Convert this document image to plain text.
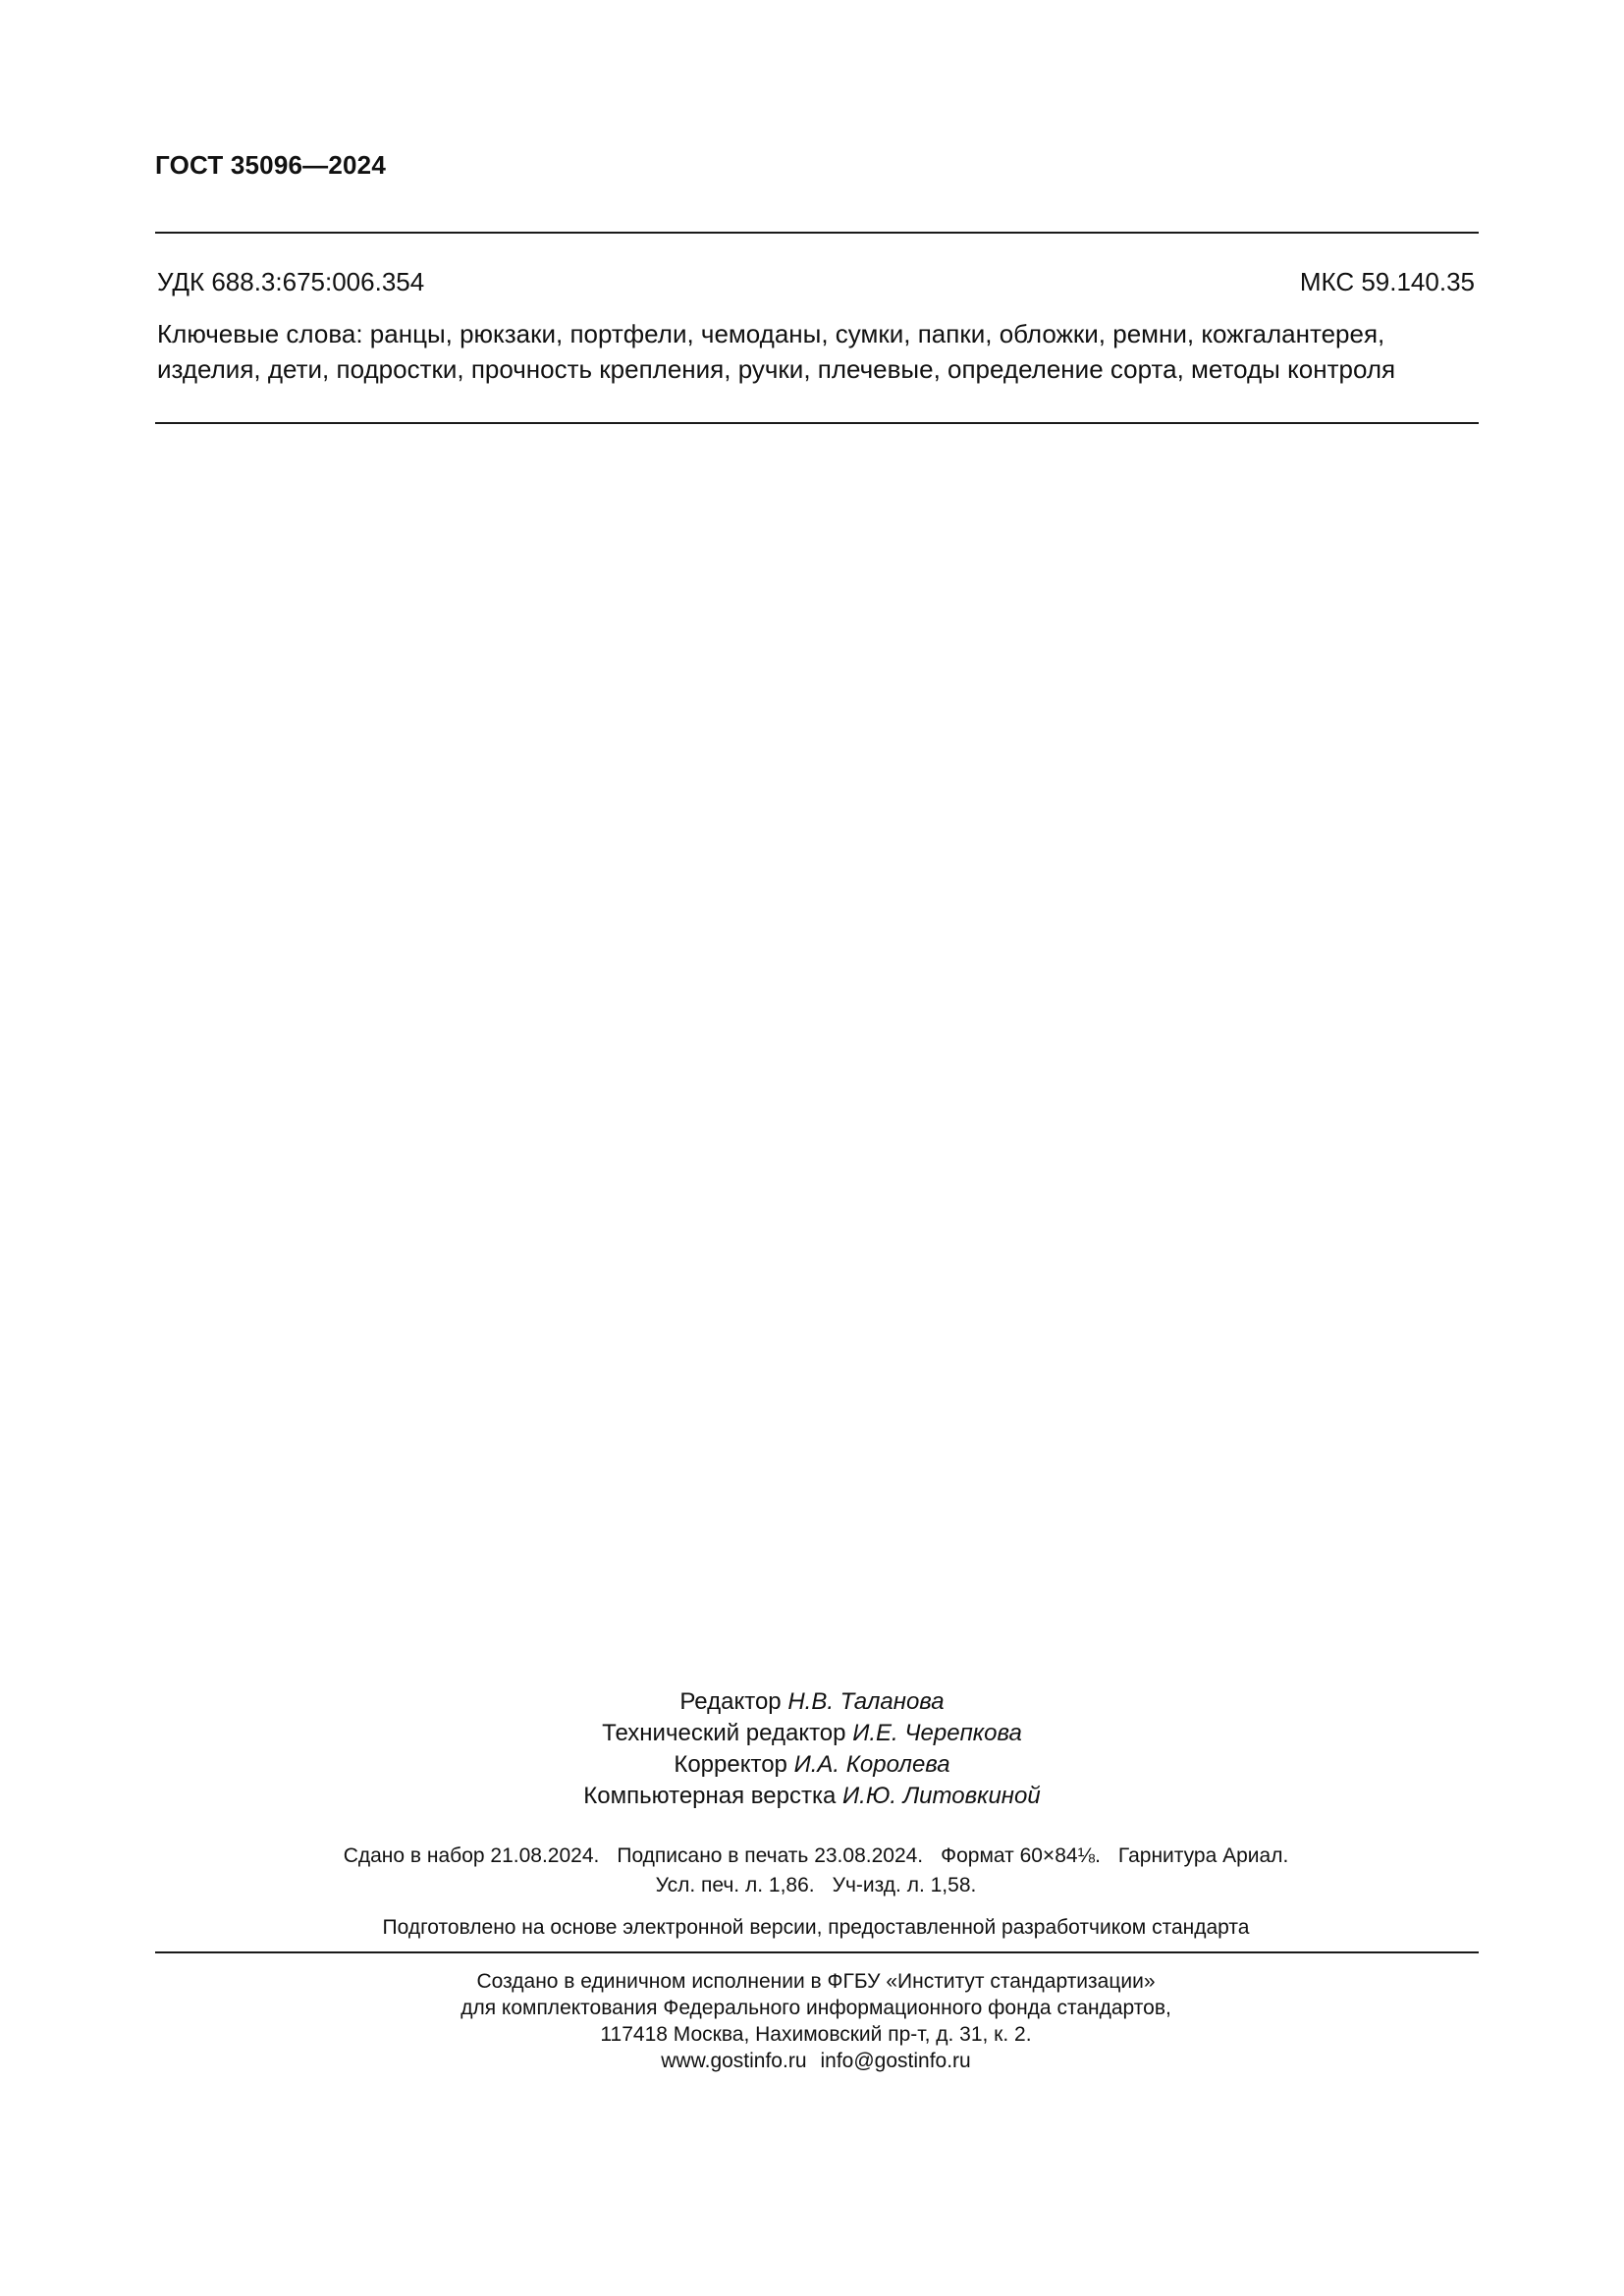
ГОСТ 35096—2024
УДК 688.3:675:006.354	МКС 59.140.35
Ключевые слова: ранцы, рюкзаки, портфели, чемоданы, сумки, папки, обложки, ремни, кожгалантерея,
изделия, дети, подростки, прочность крепления, ручки, плечевые, определение сорта, методы контроля
Редактор Н.В. Таланова
Технический редактор И.Е. Черепкова
Корректор И.А. Королева
Компьютерная верстка И.Ю. Литовкиной
Сдано в набор 21.08.2024. Подписано в печать 23.08.2024. Формат 60×84⅛. Гарнитура Ариал.
Усл. печ. л. 1,86. Уч-изд. л. 1,58.
Подготовлено на основе электронной версии, предоставленной разработчиком стандарта
Создано в единичном исполнении в ФГБУ «Институт стандартизации»
для комплектования Федерального информационного фонда стандартов,
117418 Москва, Нахимовский пр-т, д. 31, к. 2.
www.gostinfo.ru info@gostinfo.ru
